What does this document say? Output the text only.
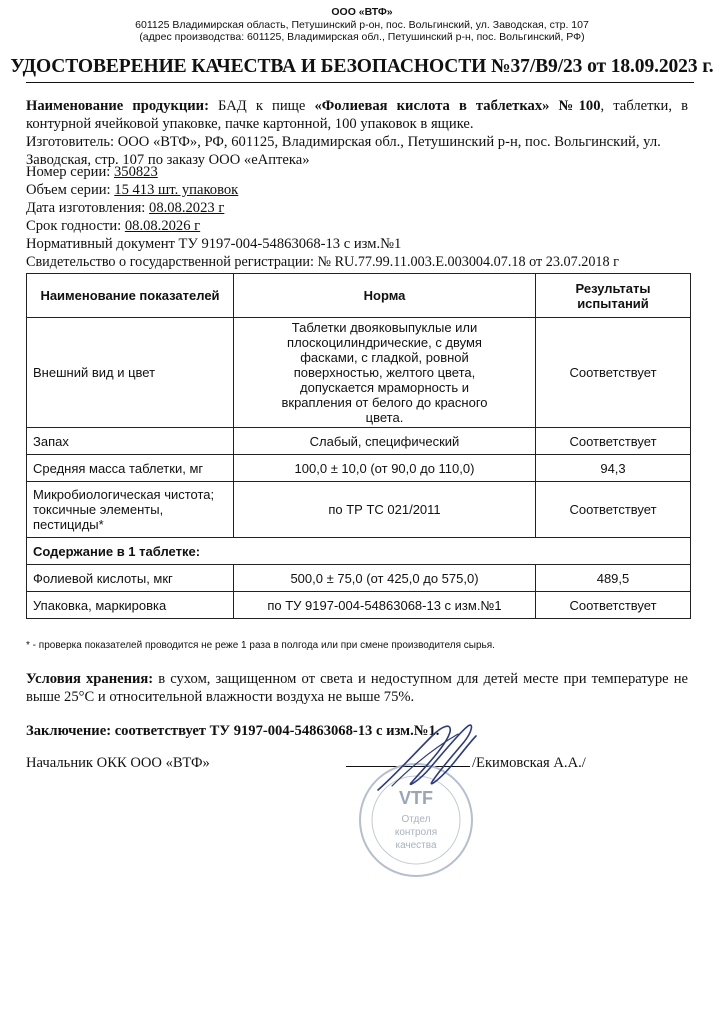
ООО «ВТФ»
601125 Владимирская область, Петушинский р-он, пос. Вольгинский, ул. Заводская, стр. 107
(адрес производства: 601125, Владимирская обл., Петушинский р-н, пос. Вольгинский, РФ)
УДОСТОВЕРЕНИЕ КАЧЕСТВА И БЕЗОПАСНОСТИ №37/В9/23 от 18.09.2023 г.
Наименование продукции: БАД к пище «Фолиевая кислота в таблетках» №100, таблетки, в контурной ячейковой упаковке, пачке картонной, 100 упаковок в ящике.
Изготовитель: ООО «ВТФ», РФ, 601125, Владимирская обл., Петушинский р-н, пос. Вольгинский, ул. Заводская, стр. 107 по заказу ООО «еАптека»
Номер серии: 350823
Объем серии: 15 413 шт. упаковок
Дата изготовления: 08.08.2023 г
Срок годности: 08.08.2026 г
Нормативный документ ТУ 9197-004-54863068-13 с изм.№1
Свидетельство о государственной регистрации: № RU.77.99.11.003.Е.003004.07.18 от 23.07.2018 г
Наименование показателей	Норма	Результаты испытаний
Внешний вид и цвет	Таблетки двояковыпуклые или плоскоцилиндрические, с двумя фасками, с гладкой, ровной поверхностью, желтого цвета, допускается мраморность и вкрапления от белого до красного цвета.	Соответствует
Запах	Слабый, специфический	Соответствует
Средняя масса таблетки, мг	100,0 ± 10,0 (от 90,0 до 110,0)	94,3
Микробиологическая чистота; токсичные элементы, пестициды*	по ТР ТС 021/2011	Соответствует
Содержание в 1 таблетке:		
Фолиевой кислоты, мкг	500,0 ± 75,0 (от 425,0 до 575,0)	489,5
Упаковка, маркировка	по ТУ 9197-004-54863068-13 с изм.№1	Соответствует
* - проверка показателей проводится не реже 1 раза в полгода или при смене производителя сырья.
Условия хранения: в сухом, защищенном от света и недоступном для детей месте при температуре не выше 25°С и относительной влажности воздуха не выше 75%.
Заключение: соответствует ТУ 9197-004-54863068-13 с изм.№1.
Начальник ОКК ООО «ВТФ»	/Екимовская А.А./
VTF
Отдел
контроля
качества
